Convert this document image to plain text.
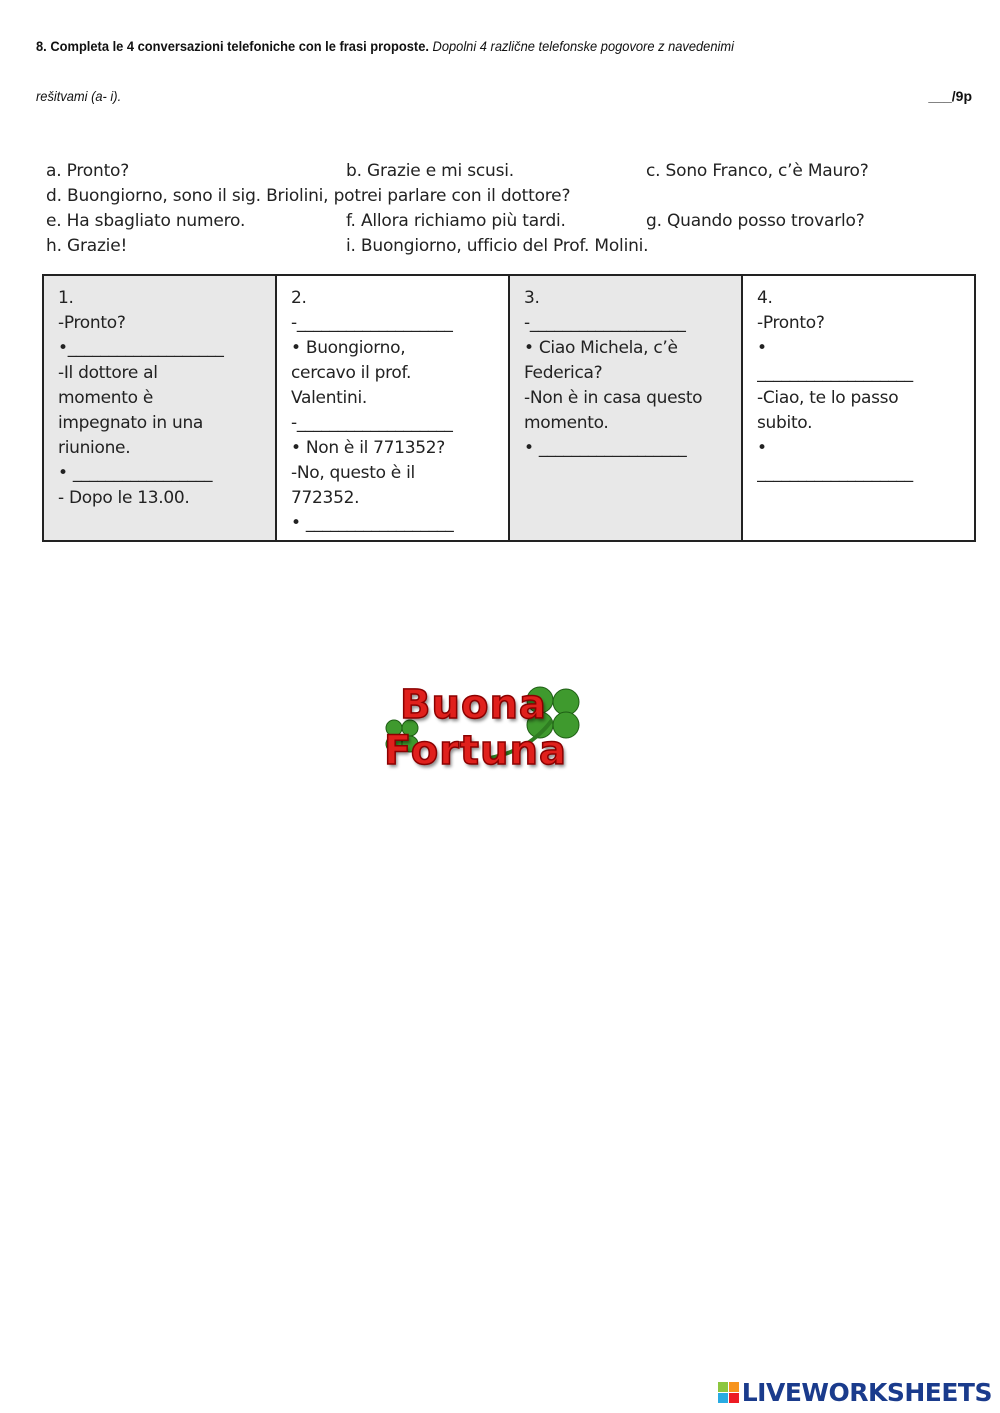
8. Completa le 4 conversazioni telefoniche con le frasi proposte. Dopolni 4 različne telefonske pogovore z navedenimi
rešitvami (a- i).	___/9p
a. Pronto?	b. Grazie e mi scusi.	c. Sono Franco, c’è Mauro?
d. Buongiorno, sono il sig. Briolini, potrei parlare con il dottore?
e. Ha sbagliato numero.	f. Allora richiamo più tardi.	g. Quando posso trovarlo?
h. Grazie!	i. Buongiorno, ufficio del Prof. Molini.
1.
-Pronto?
•___________________
-Il dottore al
momento è
impegnato in una
riunione.
• _________________
- Dopo le 13.00.

2.
-___________________
• Buongiorno,
cercavo il prof.
Valentini.
-___________________
• Non è il 771352?
-No, questo è il
772352.
• __________________

3.
-___________________
• Ciao Michela, c’è
Federica?
-Non è in casa questo
momento.
• __________________

4.
-Pronto?
•
___________________
-Ciao, te lo passo
subito.
•
___________________
Buona
Fortuna
LIVEWORKSHEETS
